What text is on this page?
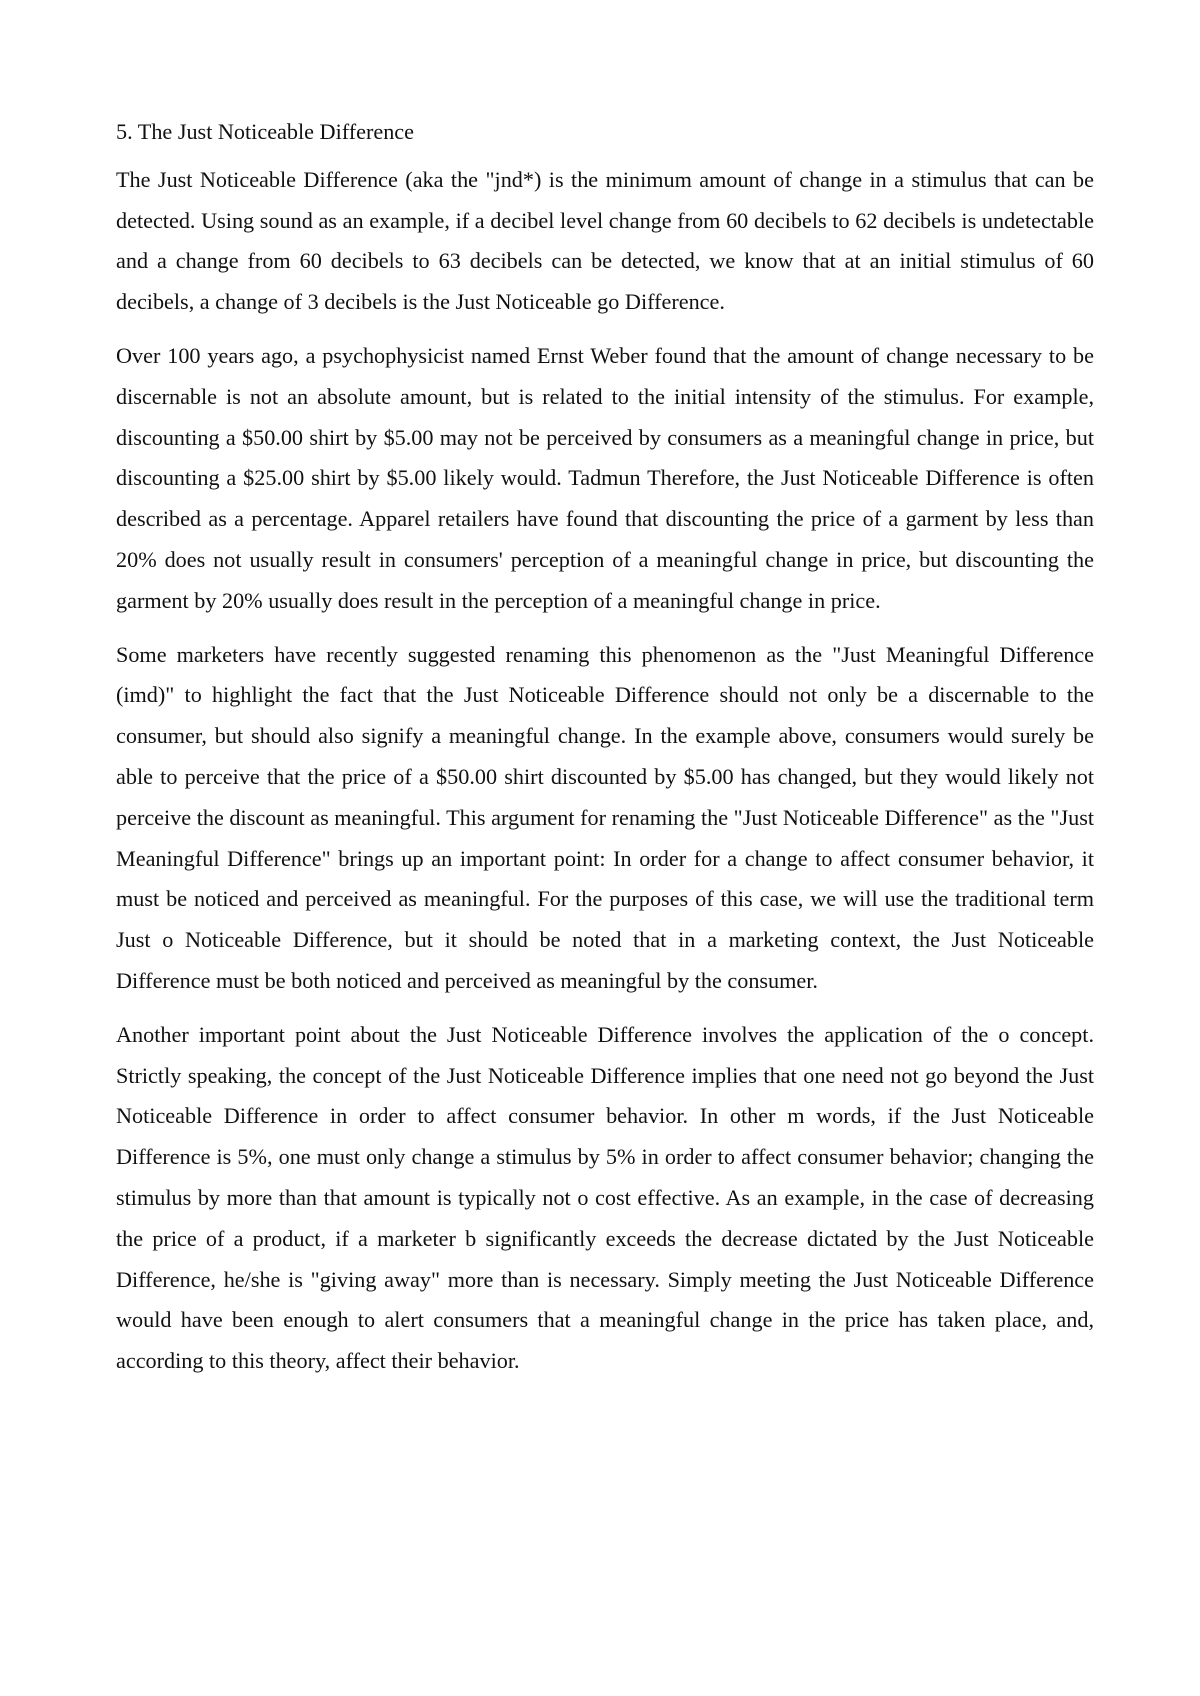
5. The Just Noticeable Difference

The Just Noticeable Difference (aka the "jnd*) is the minimum amount of change in a stimulus that can be detected. Using sound as an example, if a decibel level change from 60 decibels to 62 decibels is undetectable and a change from 60 decibels to 63 decibels can be detected, we know that at an initial stimulus of 60 decibels, a change of 3 decibels is the Just Noticeable go Difference.

Over 100 years ago, a psychophysicist named Ernst Weber found that the amount of change necessary to be discernable is not an absolute amount, but is related to the initial intensity of the stimulus. For example, discounting a $50.00 shirt by $5.00 may not be perceived by consumers as a meaningful change in price, but discounting a $25.00 shirt by $5.00 likely would. Tadmun Therefore, the Just Noticeable Difference is often described as a percentage. Apparel retailers have found that discounting the price of a garment by less than 20% does not usually result in consumers' perception of a meaningful change in price, but discounting the garment by 20% usually does result in the perception of a meaningful change in price.

Some marketers have recently suggested renaming this phenomenon as the "Just Meaningful Difference (imd)" to highlight the fact that the Just Noticeable Difference should not only be a discernable to the consumer, but should also signify a meaningful change. In the example above, consumers would surely be able to perceive that the price of a $50.00 shirt discounted by $5.00 has changed, but they would likely not perceive the discount as meaningful. This argument for renaming the "Just Noticeable Difference" as the "Just Meaningful Difference" brings up an important point: In order for a change to affect consumer behavior, it must be noticed and perceived as meaningful. For the purposes of this case, we will use the traditional term Just o Noticeable Difference, but it should be noted that in a marketing context, the Just Noticeable Difference must be both noticed and perceived as meaningful by the consumer.

Another important point about the Just Noticeable Difference involves the application of the o concept. Strictly speaking, the concept of the Just Noticeable Difference implies that one need not go beyond the Just Noticeable Difference in order to affect consumer behavior. In other m words, if the Just Noticeable Difference is 5%, one must only change a stimulus by 5% in order to affect consumer behavior; changing the stimulus by more than that amount is typically not o cost effective. As an example, in the case of decreasing the price of a product, if a marketer b significantly exceeds the decrease dictated by the Just Noticeable Difference, he/she is "giving away" more than is necessary. Simply meeting the Just Noticeable Difference would have been enough to alert consumers that a meaningful change in the price has taken place, and, according to this theory, affect their behavior.
